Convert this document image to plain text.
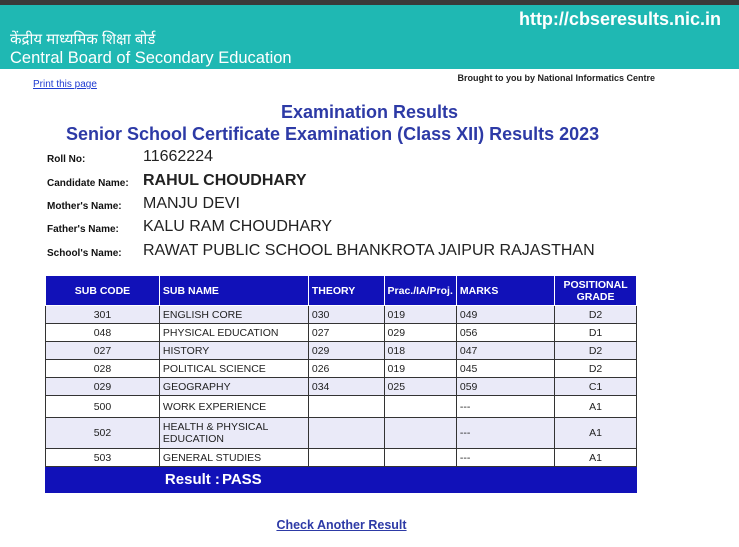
http://cbseresults.nic.in
केंद्रीय माध्यमिक शिक्षा बोर्ड
Central Board of Secondary Education
Print this page
Brought to you by National Informatics Centre
Examination Results
Senior School Certificate Examination (Class XII) Results 2023
Roll No:	11662224
Candidate Name: RAHUL CHOUDHARY
Mother's Name: MANJU DEVI
Father's Name: KALU RAM CHOUDHARY
School's Name: RAWAT PUBLIC SCHOOL BHANKROTA JAIPUR RAJASTHAN
SUB CODE	SUB NAME	THEORY	Prac./IA/Proj.	MARKS	POSITIONAL GRADE
301	ENGLISH CORE	030	019	049	D2
048	PHYSICAL EDUCATION	027	029	056	D1
027	HISTORY	029	018	047	D2
028	POLITICAL SCIENCE	026	019	045	D2
029	GEOGRAPHY	034	025	059	C1
500	WORK EXPERIENCE			---	A1
502	HEALTH & PHYSICAL EDUCATION			---	A1
503	GENERAL STUDIES			---	A1
	Result : PASS				
Check Another Result
